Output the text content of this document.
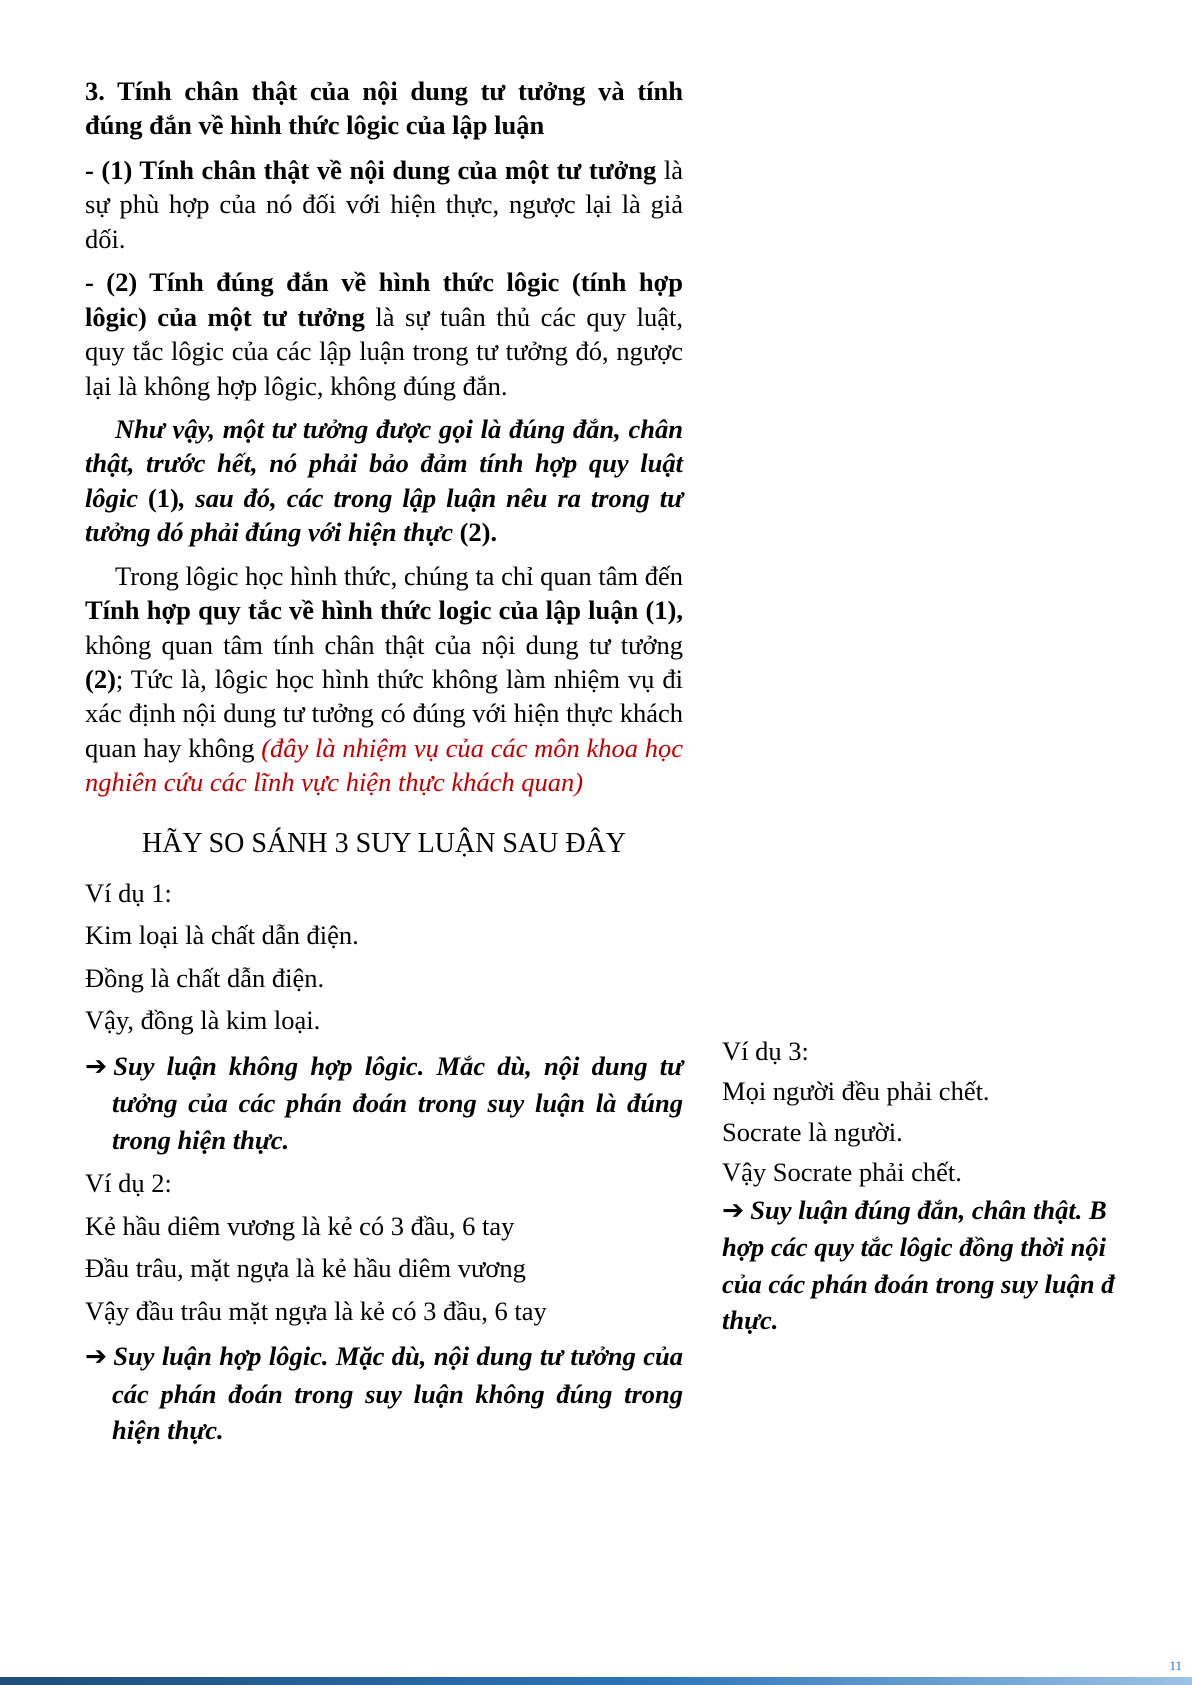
3. Tính chân thật của nội dung tư tưởng và tính đúng đắn về hình thức lôgic của lập luận

- (1) Tính chân thật về nội dung của một tư tưởng là sự phù hợp của nó đối với hiện thực, ngược lại là giả dối.

- (2) Tính đúng đắn về hình thức lôgic (tính hợp lôgic) của một tư tưởng là sự tuân thủ các quy luật, quy tắc lôgic của các lập luận trong tư tưởng đó, ngược lại là không hợp lôgic, không đúng đắn.

Như vậy, một tư tưởng được gọi là đúng đắn, chân thật, trước hết, nó phải bảo đảm tính hợp quy luật lôgic (1), sau đó, các trong lập luận nêu ra trong tư tưởng dó phải đúng với hiện thực (2).

Trong lôgic học hình thức, chúng ta chỉ quan tâm đến Tính hợp quy tắc về hình thức logic của lập luận (1), không quan tâm tính chân thật của nội dung tư tưởng (2); Tức là, lôgic học hình thức không làm nhiệm vụ đi xác định nội dung tư tưởng có đúng với hiện thực khách quan hay không (đây là nhiệm vụ của các môn khoa học nghiên cứu các lĩnh vực hiện thực khách quan)

HÃY SO SÁNH 3 SUY LUẬN SAU ĐÂY
Ví dụ 1:
Kim loại là chất dẫn điện.
Đồng là chất dẫn điện.
Vậy, đồng là kim loại.
➔ Suy luận không hợp lôgic. Mắc dù, nội dung tư tưởng của các phán đoán trong suy luận là đúng trong hiện thực.
Ví dụ 2:
Kẻ hầu diêm vương là kẻ có 3 đầu, 6 tay
Đầu trâu, mặt ngựa là kẻ hầu diêm vương
Vậy đầu trâu mặt ngựa là kẻ có 3 đầu, 6 tay
➔ Suy luận hợp lôgic. Mặc dù, nội dung tư tưởng của các phán đoán trong suy luận không đúng trong hiện thực.
Ví dụ 3:
Mọi người đều phải chết.
Socrate là người.
Vậy Socrate phải chết.
➔ Suy luận đúng đắn, chân thật. B
hợp các quy tắc lôgic đồng thời nội
của các phán đoán trong suy luận đ
thực.
11
